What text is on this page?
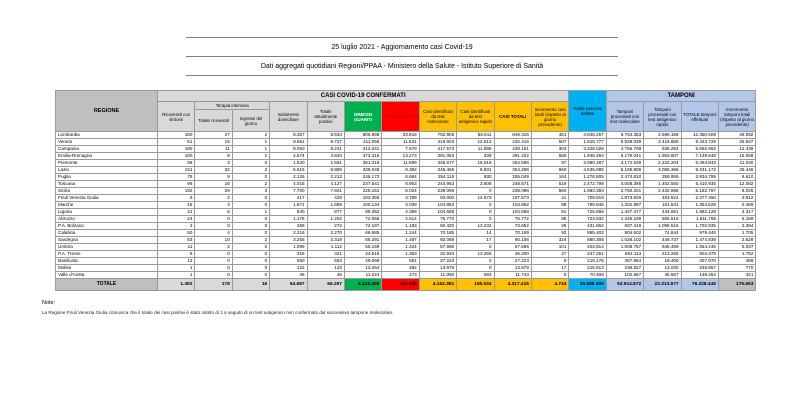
25 luglio 2021 - Aggiornamento casi Covid-19
Dati aggregati quotidiani Regioni/PPAA - Ministero della Salute - Istituto Superiore di Sanità
REGIONE	CASI COVID-19 CONFERMATI											Totale persone testate	TAMPONI			
	Ricoverati con sintomi	Terapia intensiva		Isolamento domiciliare	Totale attualmente positivi	DIMESSI GUARITI	DECEDUTI	Casi identificati da test molecolare	Casi identificati da test antigenico rapido	CASI TOTALI	Incremento casi totali (rispetto al giorno precedente)		Tamponi processati con test molecolare	Tamponi processati con test antigenico rapido	TOTALE tamponi effettuati	Incremento tamponi totali (rispetto al giorno precedente)
		Totale ricoverati	Ingressi del giorno													
Lombardia	150	27	2	8.357	8.534	806.966	33.816	792.805	56.511	849.316	461	4.846.257	9.754.353	2.596.156	12.350.509	28.092
Veneto	61	15	1	9.651	9.727	411.058	11.631	419.903	12.513	432.416	507	1.915.777	5.928.039	3.415.689	9.343.728	25.847
Campania	180	11	1	8.050	8.241	413.341	7.579	417.573	11.588	429.161	303	3.328.028	4.756.708	836.254	5.592.962	12.439
Emilia-Romagna	150	9	2	4.674	4.833	373.316	13.273	391.083	339	391.422	565	1.946.464	5.176.041	1.963.607	7.139.648	15.059
Piemonte	58	3	0	1.520	1.581	351.316	11.699	345.677	18.919	364.596	97	2.080.487	3.172.639	2.222.204	5.394.843	11.030
Lazio	211	32	2	6.616	6.859	339.045	8.392	345.465	8.831	354.296	660	4.535.085	5.165.806	3.065.366	8.231.172	25.446
Puglia	78	9	0	2.126	2.213	246.172	6.664	254.119	930	255.049	164	1.276.805	2.474.810	359.959	2.834.769	6.610
Toscana	96	16	2	4.015	4.127	237.541	6.903	244.963	3.608	248.571	519	2.472.798	4.008.385	1.402.550	5.410.935	12.082
Sicilia	192	29	3	7.700	7.921	225.151	6.024	239.096	0	239.096	560	1.963.393	2.750.201	2.432.596	5.182.797	8.025
Friuli Venezia Giulia	9	2	0	417	428	103.356	3.789	93.000	14.573	107.573	41	709.519	1.873.826	403.624	2.277.450	3.912
Marche	15	3	0	1.671	1.689	100.134	3.039	104.862	0	104.862	88	790.546	1.202.997	151.531	1.354.528	2.469
Liguria	31	6	1	840	877	99.352	4.359	104.588	0	104.588	91	725.666	1.437.477	444.651	1.882.128	4.317
Abruzzo	24	0	0	1.178	1.202	72.056	2.514	75.772	0	75.772	85	723.832	1.246.239	565.516	1.811.755	6.159
P.A. Bolzano	3	0	0	269	272	72.197	1.183	60.420	13.232	73.652	26	431.862	607.419	1.095.516	1.702.935	2.394
Calabria	50	4	0	2.216	2.270	66.685	1.244	70.185	14	70.199	93	895.403	904.602	74.844	979.446	1.705
Sardegna	53	10	2	3.255	3.318	55.291	1.497	60.089	17	60.106	324	860.308	1.028.102	446.737	1.474.839	2.628
Umbria	11	2	0	1.099	1.112	55.159	1.424	57.695	0	57.695	101	403.814	1.008.757	545.489	1.554.246	5.037
P.A. Trento	5	0	0	316	321	44.516	1.363	32.934	13.266	46.200	27	247.251	691.113	213.265	904.378	1.752
Basilicata	13	0	0	550	563	26.069	591	27.223	0	27.223	9	216.176	387.664	19.406	407.070	468
Molise	1	0	0	122	123	13.264	492	13.879	0	13.879	17	216.513	236.827	13.030	249.857	770
Valle d'Aosta	1	0	0	45	46	11.224	473	11.050	693	11.743	5	70.408	102.867	45.587	148.454	421
TOTALE	1.392	178	16	64.687	66.257	4.123.209	127.949	4.162.381	155.034	4.317.415	4.743	30.656.190	53.914.872	22.313.577	76.228.449	176.653
Note:
La Regione Friuli Venezia Giulia comunica che il totale dei casi positivi è stato ridotto di 1 a seguito di un test antigenico non confermato dal successivo tampone molecolare.
